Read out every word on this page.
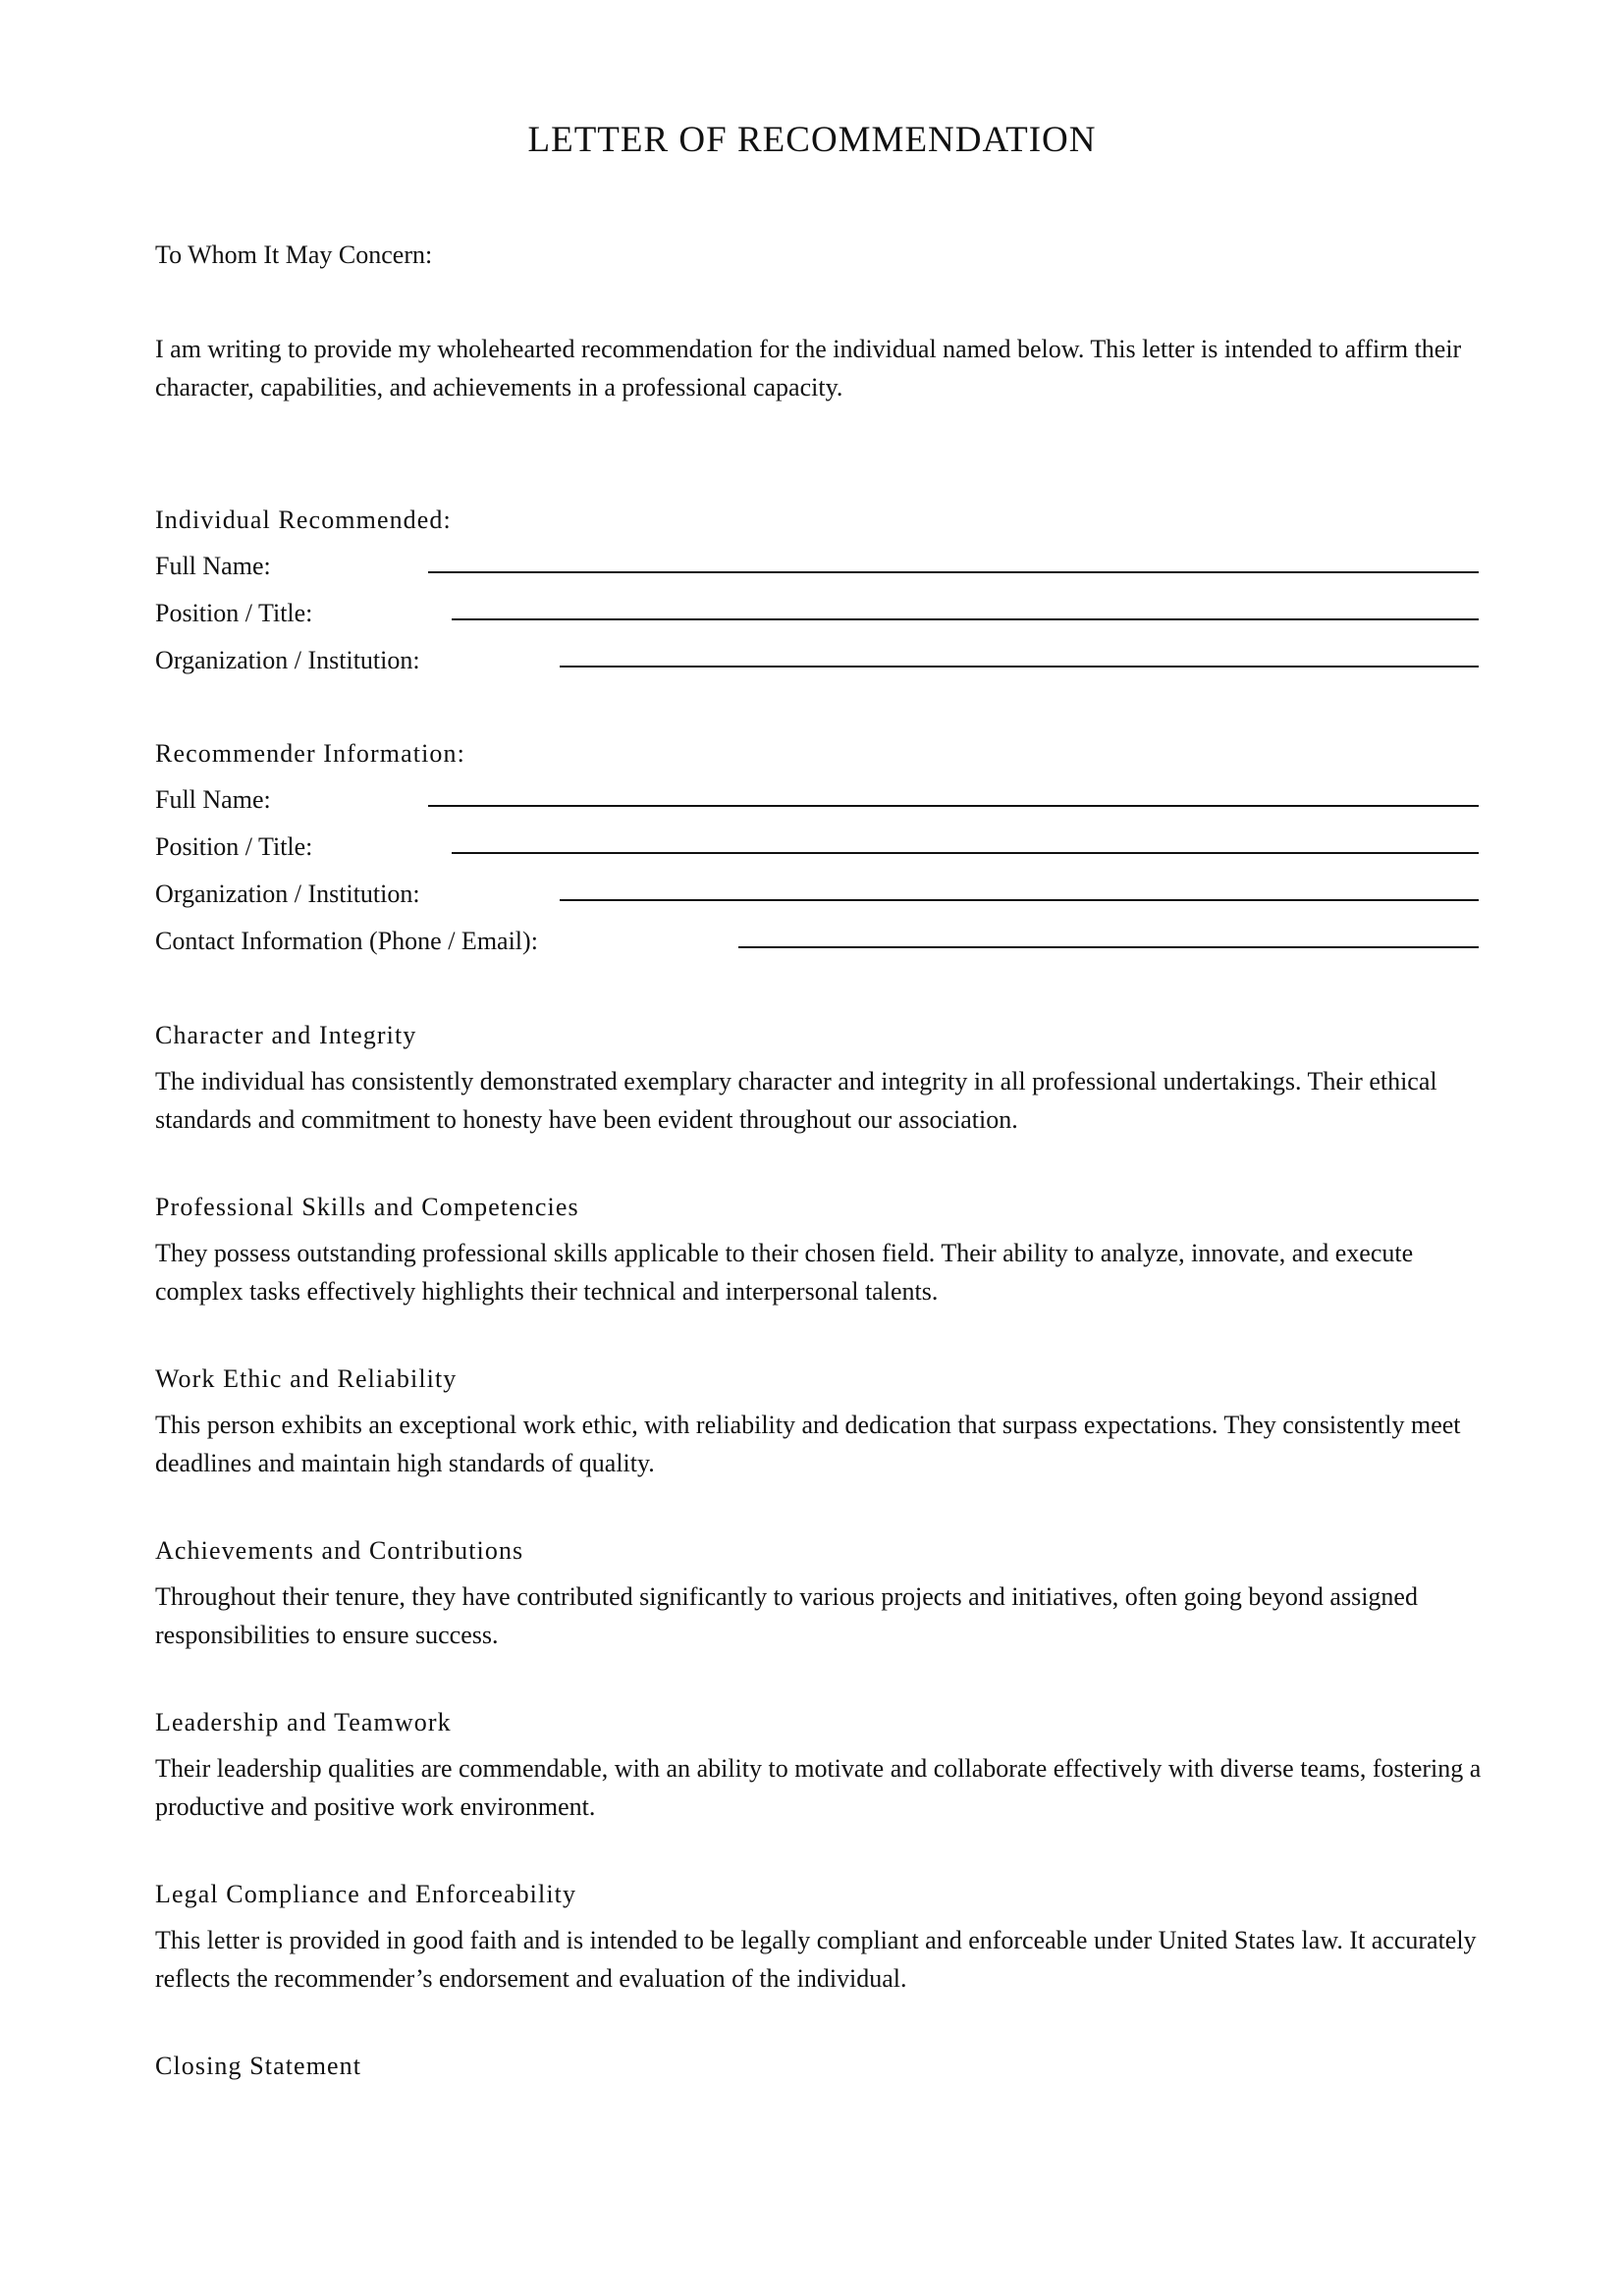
LETTER OF RECOMMENDATION
To Whom It May Concern:
I am writing to provide my wholehearted recommendation for the individual named below. This letter is intended to affirm their character, capabilities, and achievements in a professional capacity.
Individual Recommended:
Full Name:
Position / Title:
Organization / Institution:
Recommender Information:
Full Name:
Position / Title:
Organization / Institution:
Contact Information (Phone / Email):
Character and Integrity
The individual has consistently demonstrated exemplary character and integrity in all professional undertakings. Their ethical standards and commitment to honesty have been evident throughout our association.
Professional Skills and Competencies
They possess outstanding professional skills applicable to their chosen field. Their ability to analyze, innovate, and execute complex tasks effectively highlights their technical and interpersonal talents.
Work Ethic and Reliability
This person exhibits an exceptional work ethic, with reliability and dedication that surpass expectations. They consistently meet deadlines and maintain high standards of quality.
Achievements and Contributions
Throughout their tenure, they have contributed significantly to various projects and initiatives, often going beyond assigned responsibilities to ensure success.
Leadership and Teamwork
Their leadership qualities are commendable, with an ability to motivate and collaborate effectively with diverse teams, fostering a productive and positive work environment.
Legal Compliance and Enforceability
This letter is provided in good faith and is intended to be legally compliant and enforceable under United States law. It accurately reflects the recommender’s endorsement and evaluation of the individual.
Closing Statement
